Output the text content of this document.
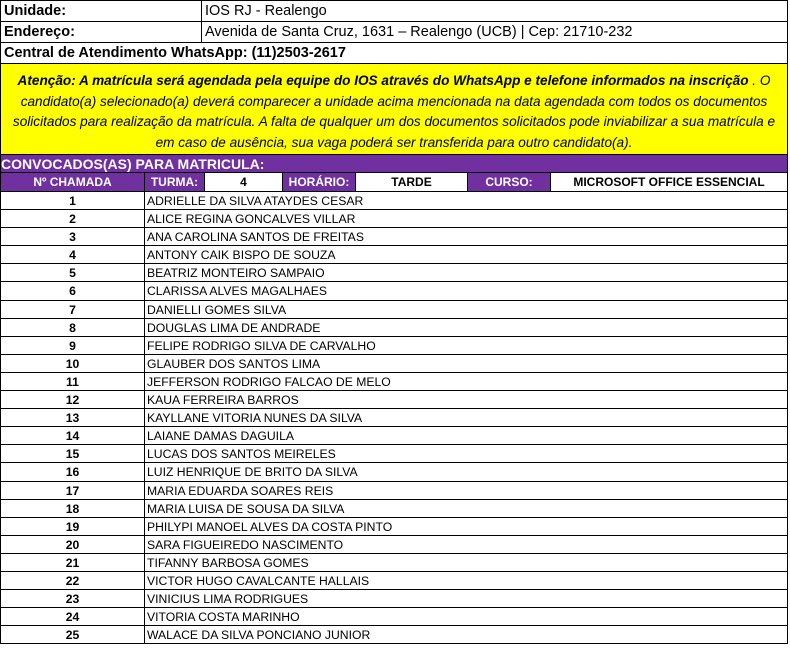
Unidade:	IOS RJ - Realengo
Endereço:	Avenida de Santa Cruz, 1631 – Realengo (UCB) | Cep: 21710-232
Central de Atendimento WhatsApp: (11)2503-2617
Atenção: A matrícula será agendada pela equipe do IOS através do WhatsApp e telefone informados na inscrição . O candidato(a) selecionado(a) deverá comparecer a unidade acima mencionada na data agendada com todos os documentos solicitados para realização da matrícula. A falta de qualquer um dos documentos solicitados pode inviabilizar a sua matrícula e em caso de ausência, sua vaga poderá ser transferida para outro candidato(a).
CONVOCADOS(AS) PARA MATRICULA:
Nº CHAMADA	TURMA:	4	HORÁRIO:	TARDE	CURSO:	MICROSOFT OFFICE ESSENCIAL
1	ADRIELLE DA SILVA ATAYDES CESAR
2	ALICE REGINA GONCALVES VILLAR
3	ANA CAROLINA SANTOS DE FREITAS
4	ANTONY CAIK BISPO DE SOUZA
5	BEATRIZ MONTEIRO SAMPAIO
6	CLARISSA ALVES MAGALHAES
7	DANIELLI GOMES SILVA
8	DOUGLAS LIMA DE ANDRADE
9	FELIPE RODRIGO SILVA DE CARVALHO
10	GLAUBER DOS SANTOS LIMA
11	JEFFERSON RODRIGO FALCAO DE MELO
12	KAUA FERREIRA BARROS
13	KAYLLANE VITORIA NUNES DA SILVA
14	LAIANE DAMAS DAGUILA
15	LUCAS DOS SANTOS MEIRELES
16	LUIZ HENRIQUE DE BRITO DA SILVA
17	MARIA EDUARDA SOARES REIS
18	MARIA LUISA DE SOUSA DA SILVA
19	PHILYPI MANOEL ALVES DA COSTA PINTO
20	SARA FIGUEIREDO NASCIMENTO
21	TIFANNY BARBOSA GOMES
22	VICTOR HUGO CAVALCANTE HALLAIS
23	VINICIUS LIMA RODRIGUES
24	VITORIA COSTA MARINHO
25	WALACE DA SILVA PONCIANO JUNIOR
